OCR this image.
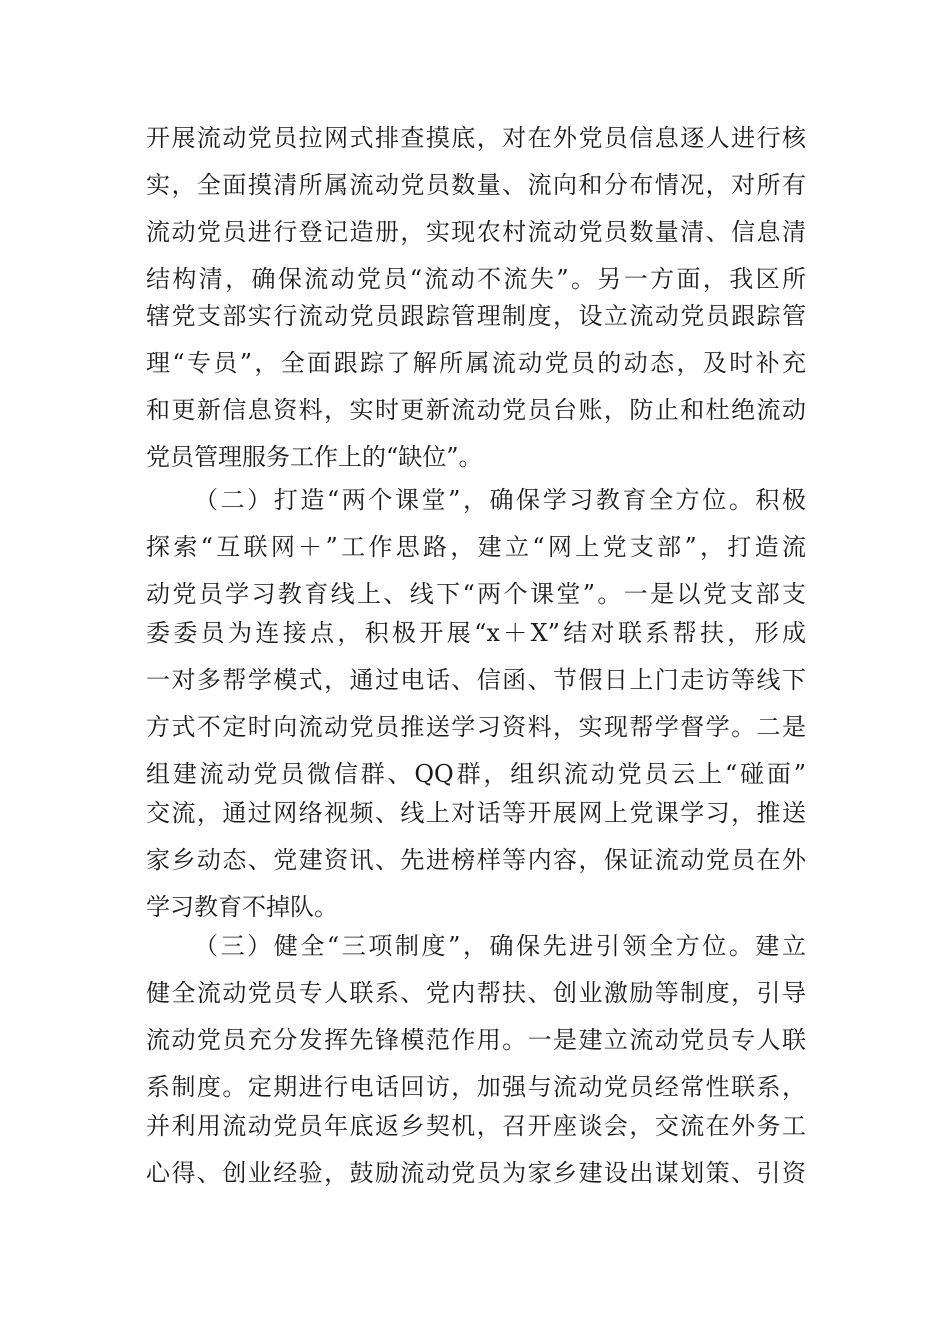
开展流动党员拉网式排查摸底，对在外党员信息逐人进行核
实，全面摸清所属流动党员数量、流向和分布情况，对所有
流动党员进行登记造册，实现农村流动党员数量清、信息清
结构清，确保流动党员“流动不流失”。另一方面，我区所
辖党支部实行流动党员跟踪管理制度，设立流动党员跟踪管
理“专员”，全面跟踪了解所属流动党员的动态，及时补充
和更新信息资料，实时更新流动党员台账，防止和杜绝流动
党员管理服务工作上的“缺位”。
（二）打造“两个课堂”，确保学习教育全方位。积极
探索“互联网＋”工作思路，建立“网上党支部”，打造流
动党员学习教育线上、线下“两个课堂”。一是以党支部支
委委员为连接点，积极开展“x＋X”结对联系帮扶，形成
一对多帮学模式，通过电话、信函、节假日上门走访等线下
方式不定时向流动党员推送学习资料，实现帮学督学。二是
组建流动党员微信群、QQ群，组织流动党员云上“碰面”
交流，通过网络视频、线上对话等开展网上党课学习，推送
家乡动态、党建资讯、先进榜样等内容，保证流动党员在外
学习教育不掉队。
（三）健全“三项制度”，确保先进引领全方位。建立
健全流动党员专人联系、党内帮扶、创业激励等制度，引导
流动党员充分发挥先锋模范作用。一是建立流动党员专人联
系制度。定期进行电话回访，加强与流动党员经常性联系，
并利用流动党员年底返乡契机，召开座谈会，交流在外务工
心得、创业经验，鼓励流动党员为家乡建设出谋划策、引资
